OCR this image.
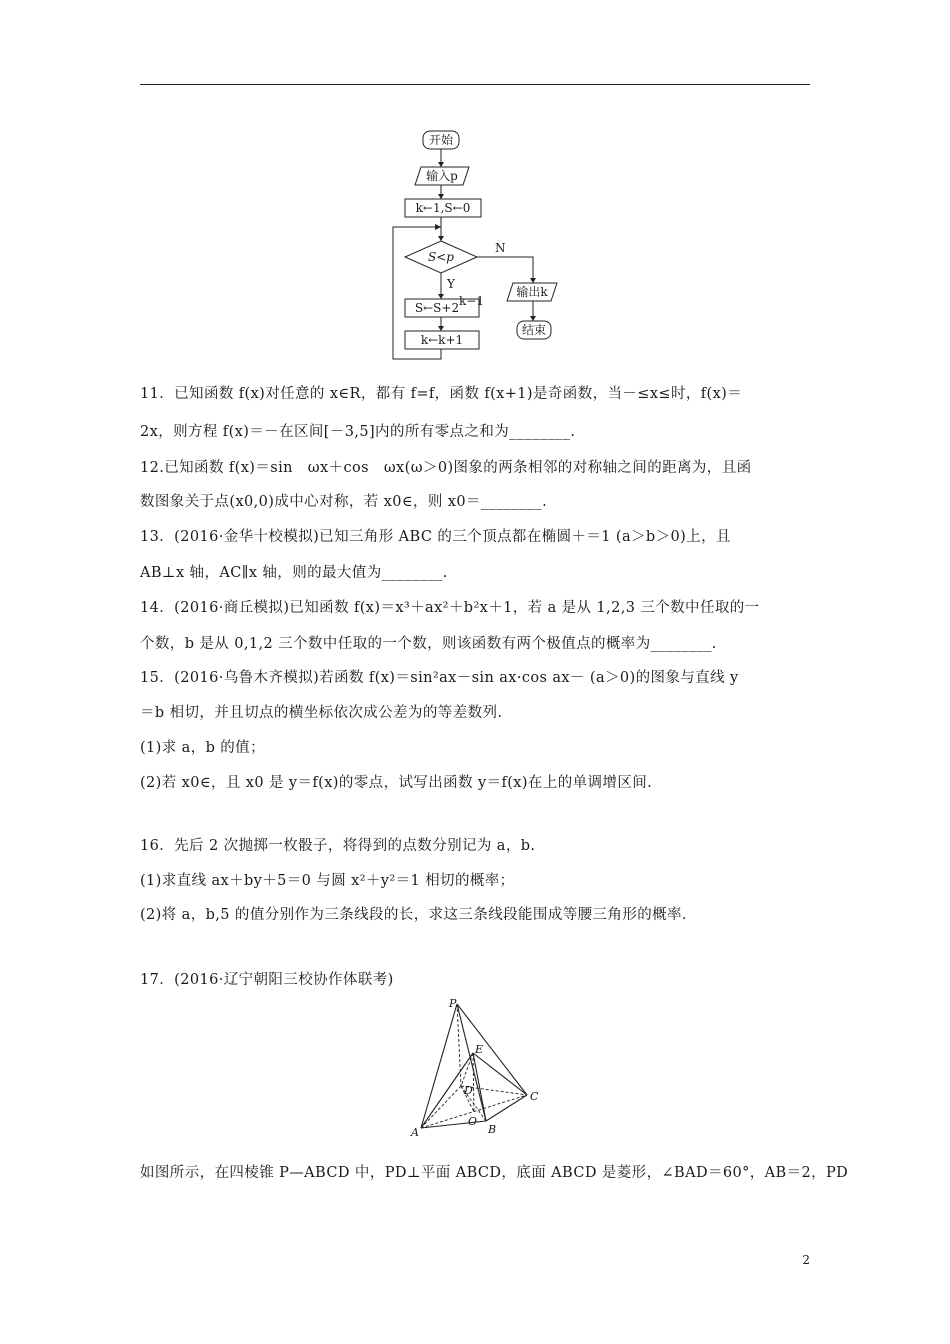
开始
输入p
k←1,S←0
S<p
N
Y
S←S+2 k−1
k←k+1
输出k
结束
11．已知函数 f(x)对任意的 x∈R，都有 f=f，函数 f(x+1)是奇函数，当－≤x≤时，f(x)＝
2x，则方程 f(x)＝－在区间[－3,5]内的所有零点之和为________.
12.已知函数 f(x)＝sin　ωx＋cos　ωx(ω＞0)图象的两条相邻的对称轴之间的距离为，且函
数图象关于点(x0,0)成中心对称，若 x0∈，则 x0＝________.
13．(2016·金华十校模拟)已知三角形 ABC 的三个顶点都在椭圆＋＝1 (a＞b＞0)上，且
AB⊥x 轴，AC∥x 轴，则的最大值为________.
14．(2016·商丘模拟)已知函数 f(x)＝x³＋ax²＋b²x＋1，若 a 是从 1,2,3 三个数中任取的一
个数，b 是从 0,1,2 三个数中任取的一个数，则该函数有两个极值点的概率为________.
15．(2016·乌鲁木齐模拟)若函数 f(x)＝sin²ax－sin ax·cos ax－ (a＞0)的图象与直线 y
＝b 相切，并且切点的横坐标依次成公差为的等差数列.
(1)求 a，b 的值；
(2)若 x0∈，且 x0 是 y＝f(x)的零点，试写出函数 y＝f(x)在上的单调增区间.
16．先后 2 次抛掷一枚骰子，将得到的点数分别记为 a，b.
(1)求直线 ax＋by＋5＝0 与圆 x²＋y²＝1 相切的概率；
(2)将 a，b,5 的值分别作为三条线段的长，求这三条线段能围成等腰三角形的概率.
17．(2016·辽宁朝阳三校协作体联考)
P
E
D	C
A
O
B
如图所示，在四棱锥 P—ABCD 中，PD⊥平面 ABCD，底面 ABCD 是菱形，∠BAD＝60°，AB＝2，PD
2
